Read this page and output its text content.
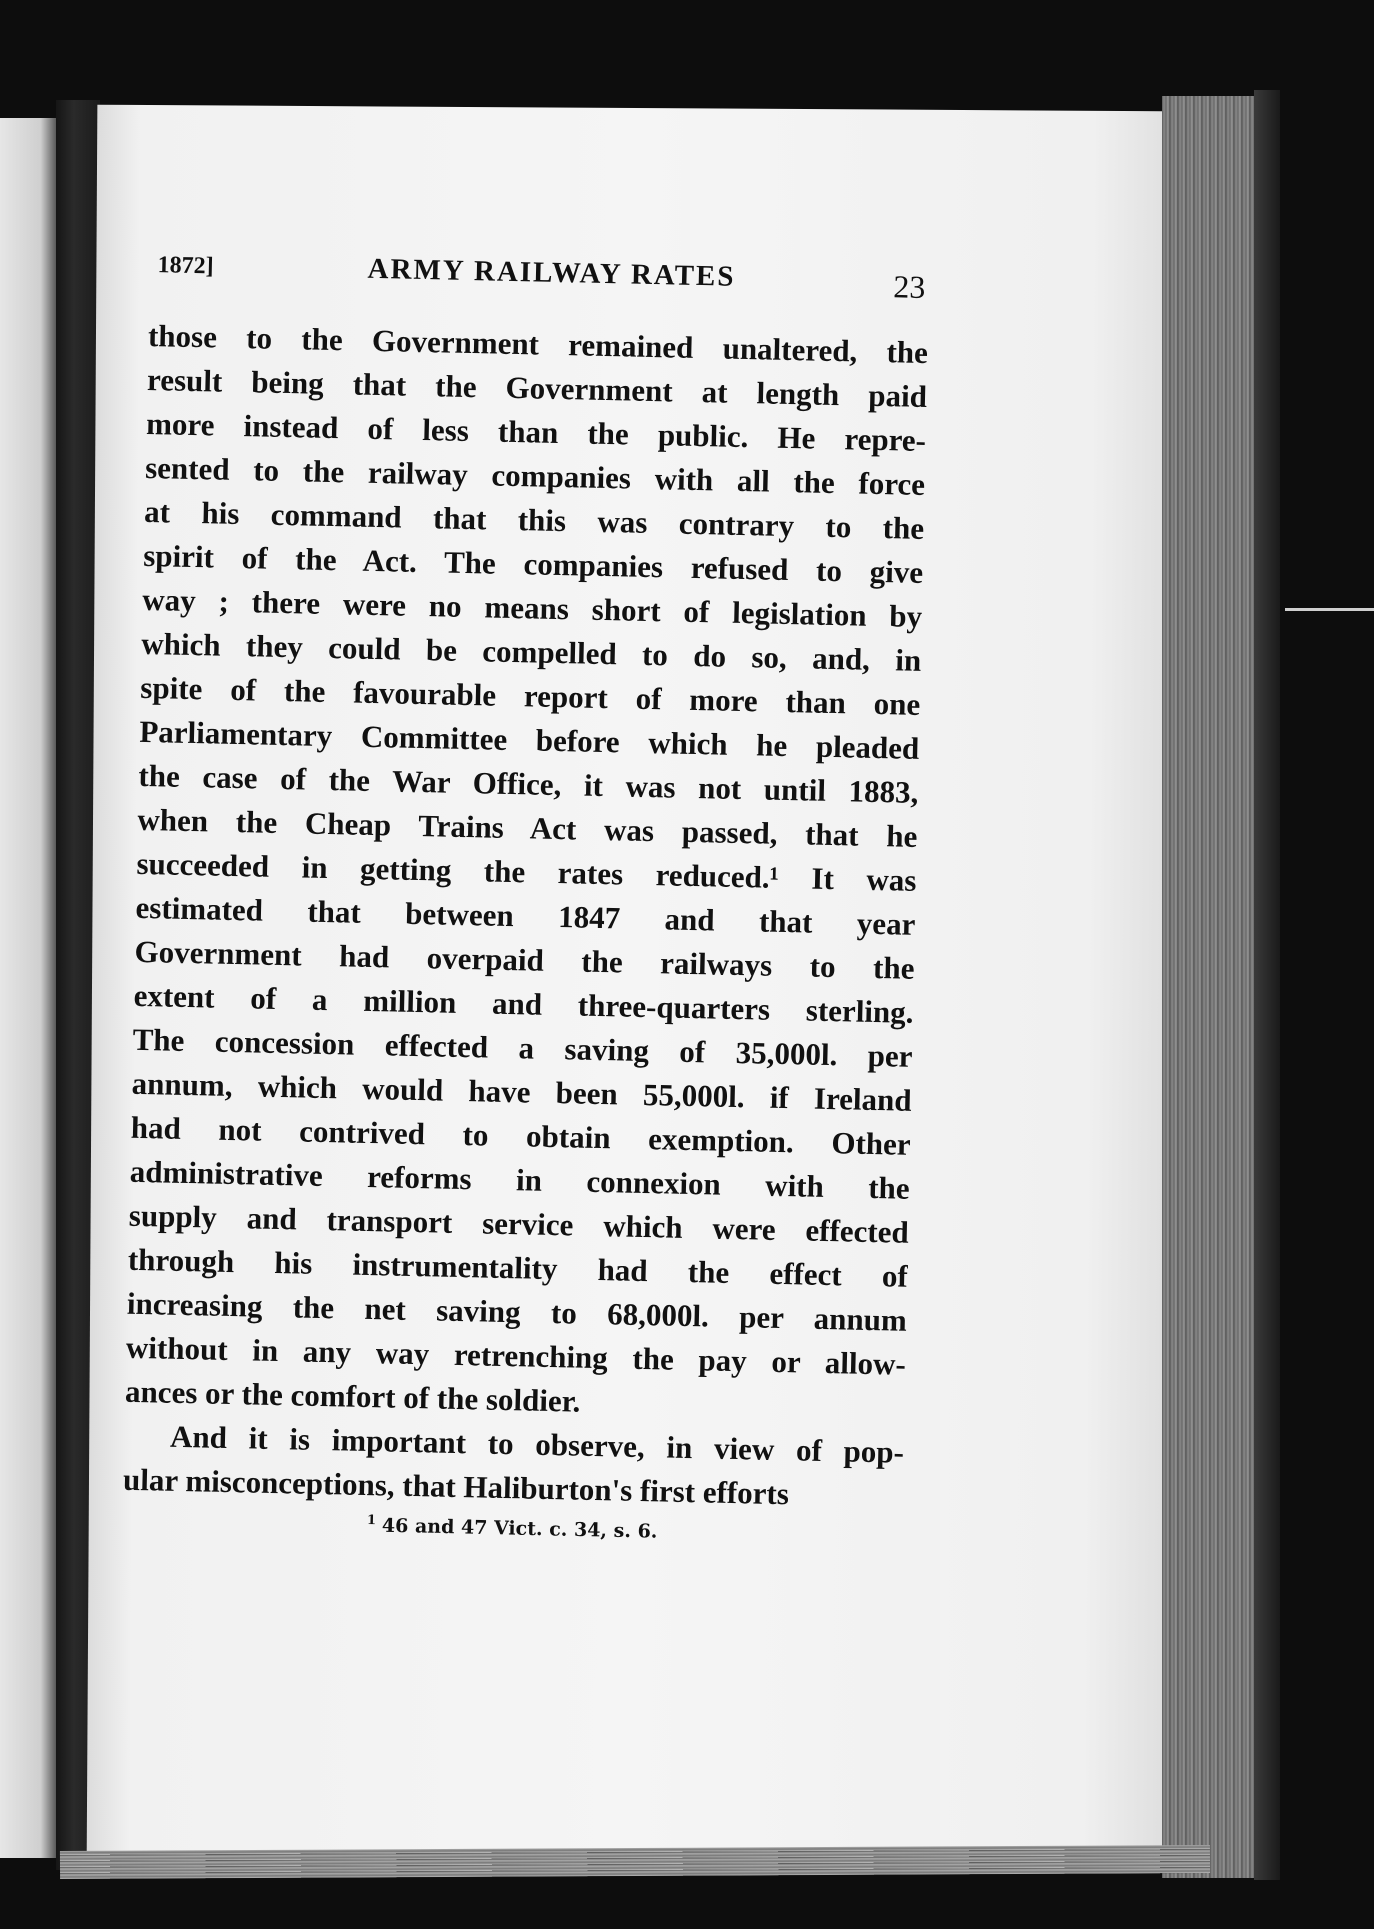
1872]	ARMY RAILWAY RATES	23
those to the Government remained unaltered, the
result being that the Government at length paid
more instead of less than the public. He repre-
sented to the railway companies with all the force
at his command that this was contrary to the
spirit of the Act. The companies refused to give
way ; there were no means short of legislation by
which they could be compelled to do so, and, in
spite of the favourable report of more than one
Parliamentary Committee before which he pleaded
the case of the War Office, it was not until 1883,
when the Cheap Trains Act was passed, that he
succeeded in getting the rates reduced.¹ It was
estimated that between 1847 and that year
Government had overpaid the railways to the
extent of a million and three-quarters sterling.
The concession effected a saving of 35,000l. per
annum, which would have been 55,000l. if Ireland
had not contrived to obtain exemption. Other
administrative reforms in connexion with the
supply and transport service which were effected
through his instrumentality had the effect of
increasing the net saving to 68,000l. per annum
without in any way retrenching the pay or allow-
ances or the comfort of the soldier.
And it is important to observe, in view of pop-
ular misconceptions, that Haliburton's first efforts
$^1$ 46 and 47 Vict. c. 34, s. 6.
